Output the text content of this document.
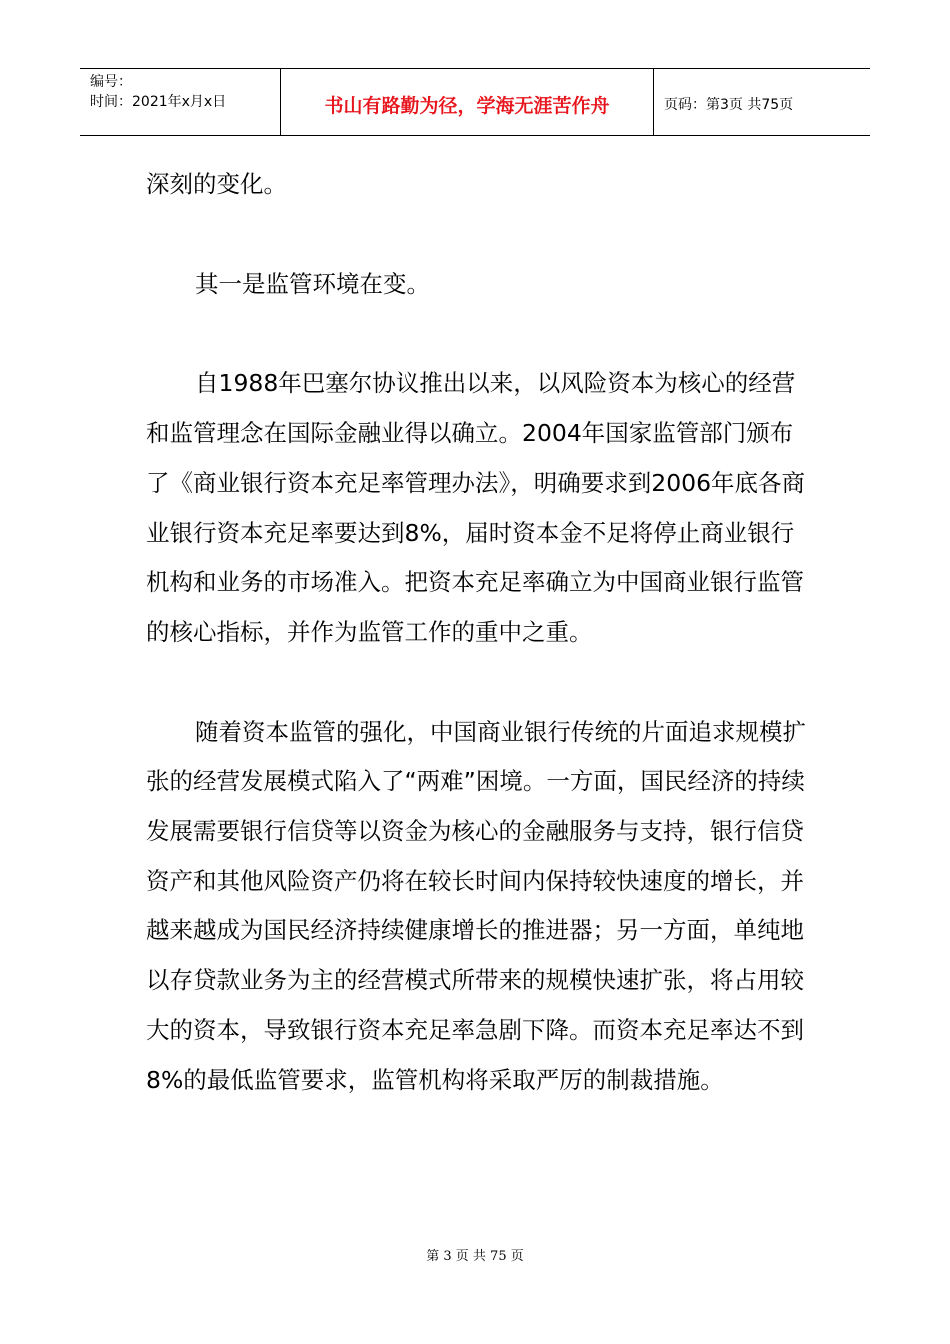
编号：
时间：2021年x月x日	书山有路勤为径，学海无涯苦作舟	页码：第3页 共75页

深刻的变化。

其一是监管环境在变。

自1988年巴塞尔协议推出以来，以风险资本为核心的经营和监管理念在国际金融业得以确立。2004年国家监管部门颁布了《商业银行资本充足率管理办法》，明确要求到2006年底各商业银行资本充足率要达到8%，届时资本金不足将停止商业银行机构和业务的市场准入。把资本充足率确立为中国商业银行监管的核心指标，并作为监管工作的重中之重。

随着资本监管的强化，中国商业银行传统的片面追求规模扩张的经营发展模式陷入了“两难”困境。一方面，国民经济的持续发展需要银行信贷等以资金为核心的金融服务与支持，银行信贷资产和其他风险资产仍将在较长时间内保持较快速度的增长，并越来越成为国民经济持续健康增长的推进器；另一方面，单纯地以存贷款业务为主的经营模式所带来的规模快速扩张，将占用较大的资本，导致银行资本充足率急剧下降。而资本充足率达不到8%的最低监管要求，监管机构将采取严厉的制裁措施。

第 3 页 共 75 页
